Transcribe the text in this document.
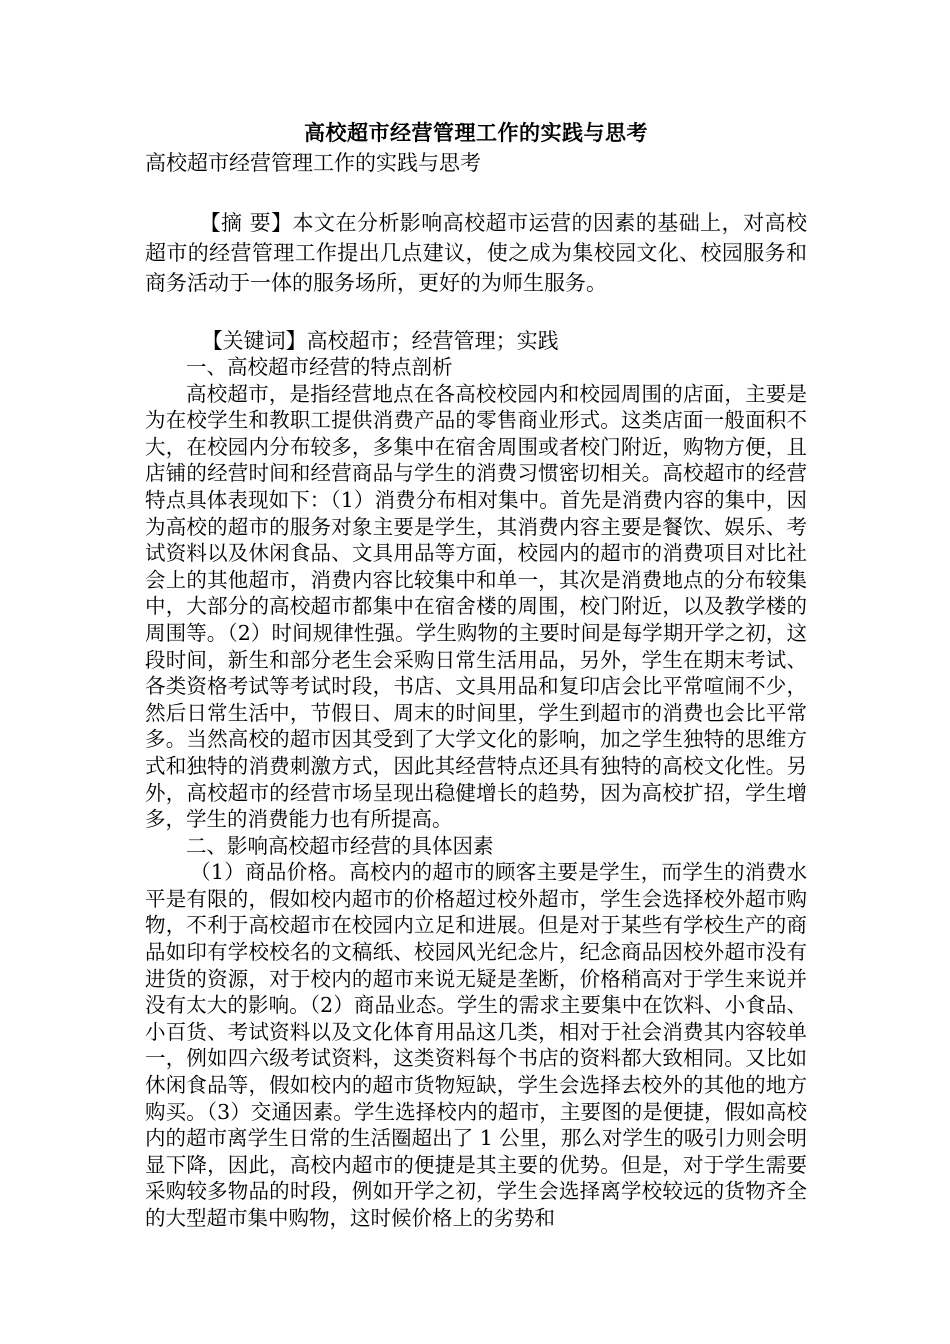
高校超市经营管理工作的实践与思考

高校超市经营管理工作的实践与思考

【摘 要】本文在分析影响高校超市运营的因素的基础上，对高校超市的经营管理工作提出几点建议，使之成为集校园文化、校园服务和商务活动于一体的服务场所，更好的为师生服务。

【关键词】高校超市；经营管理；实践

一、高校超市经营的特点剖析

高校超市，是指经营地点在各高校校园内和校园周围的店面，主要是为在校学生和教职工提供消费产品的零售商业形式。这类店面一般面积不大，在校园内分布较多，多集中在宿舍周围或者校门附近，购物方便，且店铺的经营时间和经营商品与学生的消费习惯密切相关。高校超市的经营特点具体表现如下：（1）消费分布相对集中。首先是消费内容的集中，因为高校的超市的服务对象主要是学生，其消费内容主要是餐饮、娱乐、考试资料以及休闲食品、文具用品等方面，校园内的超市的消费项目对比社会上的其他超市，消费内容比较集中和单一，其次是消费地点的分布较集中，大部分的高校超市都集中在宿舍楼的周围，校门附近，以及教学楼的周围等。（2）时间规律性强。学生购物的主要时间是每学期开学之初，这段时间，新生和部分老生会采购日常生活用品，另外，学生在期末考试、各类资格考试等考试时段，书店、文具用品和复印店会比平常喧闹不少，然后日常生活中，节假日、周末的时间里，学生到超市的消费也会比平常多。当然高校的超市因其受到了大学文化的影响，加之学生独特的思维方式和独特的消费刺激方式，因此其经营特点还具有独特的高校文化性。另外，高校超市的经营市场呈现出稳健增长的趋势，因为高校扩招，学生增多，学生的消费能力也有所提高。

二、影响高校超市经营的具体因素

（1）商品价格。高校内的超市的顾客主要是学生，而学生的消费水平是有限的，假如校内超市的价格超过校外超市，学生会选择校外超市购物，不利于高校超市在校园内立足和进展。但是对于某些有学校生产的商品如印有学校校名的文稿纸、校园风光纪念片，纪念商品因校外超市没有进货的资源，对于校内的超市来说无疑是垄断，价格稍高对于学生来说并没有太大的影响。（2）商品业态。学生的需求主要集中在饮料、小食品、小百货、考试资料以及文化体育用品这几类，相对于社会消费其内容较单一，例如四六级考试资料，这类资料每个书店的资料都大致相同。又比如休闲食品等，假如校内的超市货物短缺，学生会选择去校外的其他的地方购买。（3）交通因素。学生选择校内的超市，主要图的是便捷，假如高校内的超市离学生日常的生活圈超出了 1 公里，那么对学生的吸引力则会明显下降，因此，高校内超市的便捷是其主要的优势。但是，对于学生需要采购较多物品的时段，例如开学之初，学生会选择离学校较远的货物齐全的大型超市集中购物，这时候价格上的劣势和
